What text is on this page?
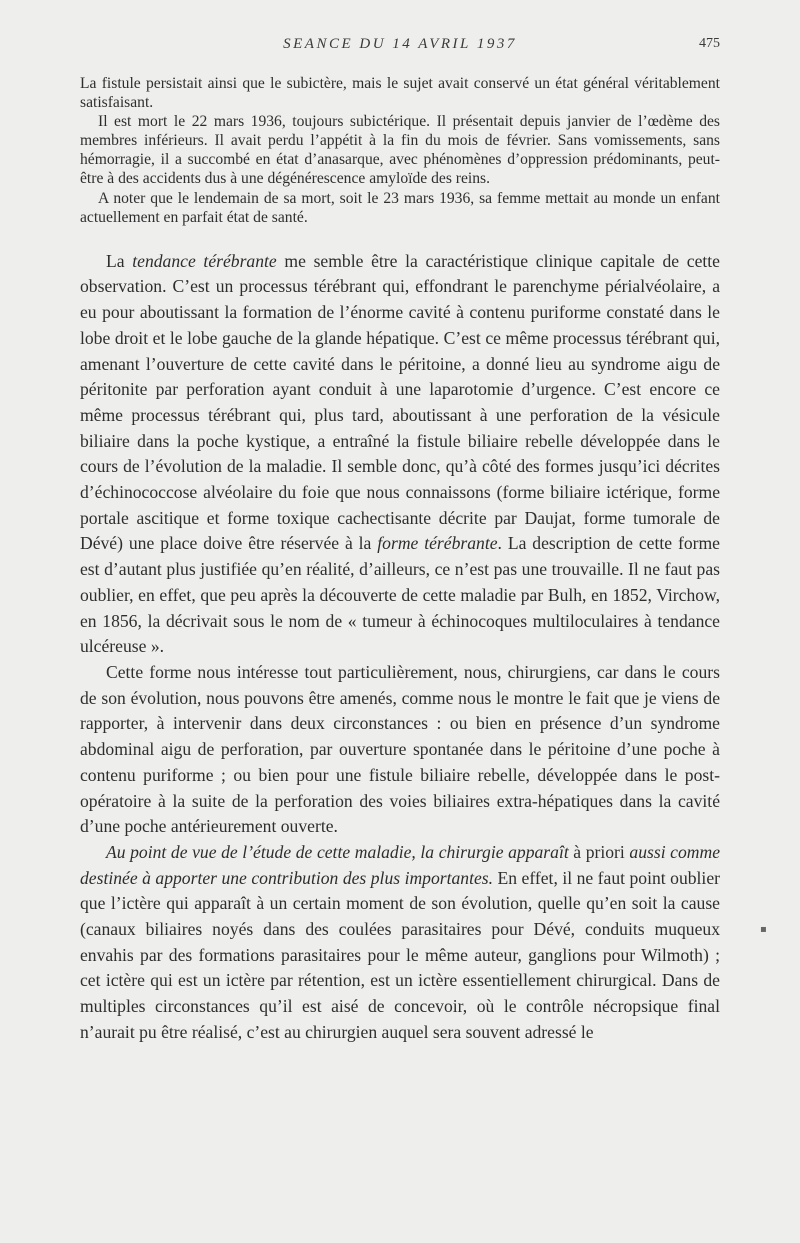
SEANCE DU 14 AVRIL 1937	475

La fistule persistait ainsi que le subictère, mais le sujet avait conservé un état général véritablement satisfaisant.

Il est mort le 22 mars 1936, toujours subictérique. Il présentait depuis janvier de l’œdème des membres inférieurs. Il avait perdu l’appétit à la fin du mois de février. Sans vomissements, sans hémorragie, il a succombé en état d’anasarque, avec phénomènes d’oppression prédominants, peut-être à des accidents dus à une dégénérescence amyloïde des reins.

A noter que le lendemain de sa mort, soit le 23 mars 1936, sa femme mettait au monde un enfant actuellement en parfait état de santé.

La tendance térébrante me semble être la caractéristique clinique capitale de cette observation. C’est un processus térébrant qui, effondrant le parenchyme périalvéolaire, a eu pour aboutissant la formation de l’énorme cavité à contenu puriforme constaté dans le lobe droit et le lobe gauche de la glande hépatique. C’est ce même processus térébrant qui, amenant l’ouverture de cette cavité dans le péritoine, a donné lieu au syndrome aigu de péritonite par perforation ayant conduit à une laparotomie d’urgence. C’est encore ce même processus térébrant qui, plus tard, aboutissant à une perforation de la vésicule biliaire dans la poche kystique, a entraîné la fistule biliaire rebelle développée dans le cours de l’évolution de la maladie. Il semble donc, qu’à côté des formes jusqu’ici décrites d’échinococcose alvéolaire du foie que nous connaissons (forme biliaire ictérique, forme portale ascitique et forme toxique cachectisante décrite par Daujat, forme tumorale de Dévé) une place doive être réservée à la forme térébrante. La description de cette forme est d’autant plus justifiée qu’en réalité, d’ailleurs, ce n’est pas une trouvaille. Il ne faut pas oublier, en effet, que peu après la découverte de cette maladie par Bulh, en 1852, Virchow, en 1856, la décrivait sous le nom de « tumeur à échinocoques multiloculaires à tendance ulcéreuse ».

Cette forme nous intéresse tout particulièrement, nous, chirurgiens, car dans le cours de son évolution, nous pouvons être amenés, comme nous le montre le fait que je viens de rapporter, à intervenir dans deux circonstances : ou bien en présence d’un syndrome abdominal aigu de perforation, par ouverture spontanée dans le péritoine d’une poche à contenu puriforme ; ou bien pour une fistule biliaire rebelle, développée dans le post-opératoire à la suite de la perforation des voies biliaires extra-hépatiques dans la cavité d’une poche antérieurement ouverte.

Au point de vue de l’étude de cette maladie, la chirurgie apparaît à priori aussi comme destinée à apporter une contribution des plus importantes. En effet, il ne faut point oublier que l’ictère qui apparaît à un certain moment de son évolution, quelle qu’en soit la cause (canaux biliaires noyés dans des coulées parasitaires pour Dévé, conduits muqueux envahis par des formations parasitaires pour le même auteur, ganglions pour Wilmoth) ; cet ictère qui est un ictère par rétention, est un ictère essentiellement chirurgical. Dans de multiples circonstances qu’il est aisé de concevoir, où le contrôle nécropsique final n’aurait pu être réalisé, c’est au chirurgien auquel sera souvent adressé le

▪
